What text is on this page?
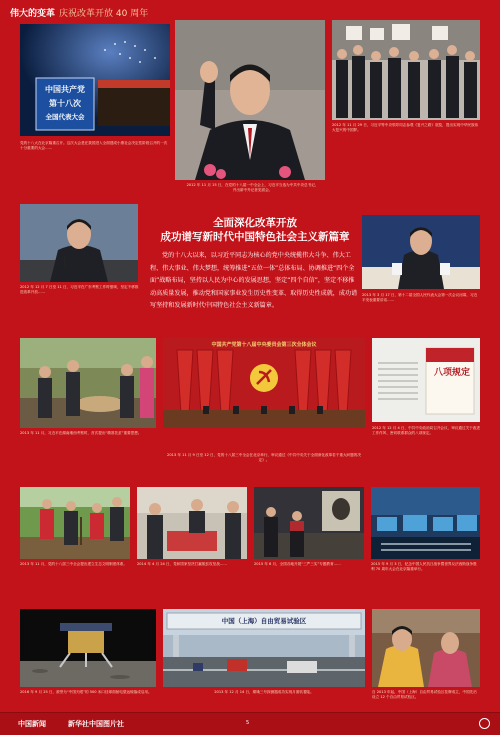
伟大的变革 庆祝改革开放 40 周年
中国共产党
第十八次
全国代表大会
党的十八大在北京隆重召开。这次大会是在我国进入全面建成小康社会决定性阶段召开的一次十分重要的大会……
2012 年 11 月 15 日，在党的十八届一中全会上，习近平当选为中共中央总书记，并出席中外记者见面会。
2012 年 11 月 29 日，习近平等中央领导同志参观《复兴之路》展览，提出实现中华民族伟大复兴的中国梦。
2012 年 12 月 7 日至 11 日，习近平在广东考察工作时强调，坚定不移推进改革开放……
全面深化改革开放
成功谱写新时代中国特色社会主义新篇章
党的十八大以来，以习近平同志为核心的党中央统揽伟大斗争、伟大工程、伟大事业、伟大梦想，统筹推进“五位一体”总体布局、协调推进“四个全面”战略布局，坚持以人民为中心的发展思想，坚定“四个自信”，坚定不移推动高质量发展，推动党和国家事业发生历史性变革、取得历史性成就，成功谱写坚持和发展新时代中国特色社会主义新篇章。
2013 年 3 月 17 日，第十二届全国人民代表大会第一次会议闭幕，习近平发表重要讲话……
2013 年 11 月，习近平在湖南湘西考察时，首次提出“精准扶贫”重要思想。
中国共产党第十八届中央委员会第三次全体会议
2013 年 11 月 9 日至 12 日，党的十八届三中全会在北京举行，审议通过《中共中央关于全面深化改革若干重大问题的决定》。
八项规定
2012 年 12 月 4 日，中共中央政治局召开会议，审议通过关于改进工作作风、密切联系群众的八项规定。
2013 年 11 月，党的十八届三中全会提出建立生态文明制度体系。	2014 年 4 月 24 日，党和国家坚决打赢脱贫攻坚战……	2015 年 6 月，全国各地开展“三严三实”专题教育……	2015 年 9 月 3 日，纪念中国人民抗日战争暨世界反法西斯战争胜利 70 周年大会在北京隆重举行。
2016 年 9 月 25 日，被誉为“中国天眼”的 500 米口径球面射电望远镜落成启用。
中国（上海）自由贸易试验区
2013 年 12 月 14 日，嫦娥三号探测器成功实现月面软着陆。	自 2013 年起，中国（上海）自由贸易试验区挂牌成立，中国先后设立 12 个自由贸易试验区。
中国新闻	新华社中国图片社	5
